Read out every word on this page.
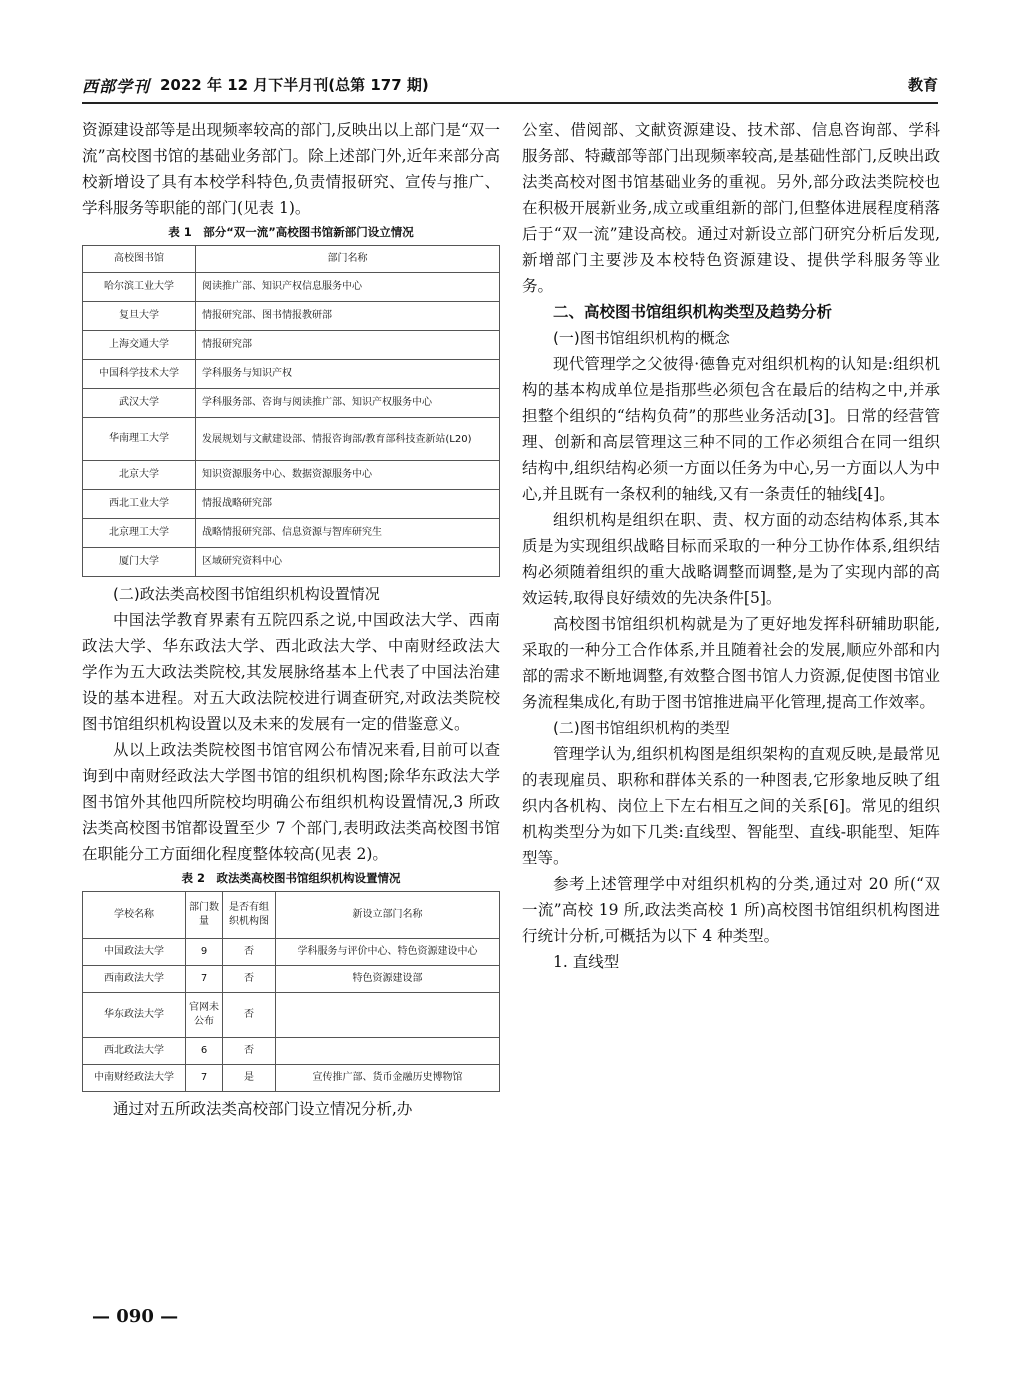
西部学刊 2022 年 12 月下半月刊(总第 177 期)	教育

资源建设部等是出现频率较高的部门,反映出以上部门是“双一流”高校图书馆的基础业务部门。除上述部门外,近年来部分高校新增设了具有本校学科特色,负责情报研究、宣传与推广、学科服务等职能的部门(见表 1)。

表 1　部分“双一流”高校图书馆新部门设立情况
高校图书馆	部门名称
哈尔滨工业大学	阅读推广部、知识产权信息服务中心
复旦大学	情报研究部、图书情报教研部
上海交通大学	情报研究部
中国科学技术大学	学科服务与知识产权
武汉大学	学科服务部、咨询与阅读推广部、知识产权服务中心
华南理工大学	发展规划与文献建设部、情报咨询部/教育部科技查新站(L20)
北京大学	知识资源服务中心、数据资源服务中心
西北工业大学	情报战略研究部
北京理工大学	战略情报研究部、信息资源与智库研究生
厦门大学	区域研究资料中心

(二)政法类高校图书馆组织机构设置情况

中国法学教育界素有五院四系之说,中国政法大学、西南政法大学、华东政法大学、西北政法大学、中南财经政法大学作为五大政法类院校,其发展脉络基本上代表了中国法治建设的基本进程。对五大政法院校进行调查研究,对政法类院校图书馆组织机构设置以及未来的发展有一定的借鉴意义。

从以上政法类院校图书馆官网公布情况来看,目前可以查询到中南财经政法大学图书馆的组织机构图;除华东政法大学图书馆外其他四所院校均明确公布组织机构设置情况,3 所政法类高校图书馆都设置至少 7 个部门,表明政法类高校图书馆在职能分工方面细化程度整体较高(见表 2)。

表 2　政法类高校图书馆组织机构设置情况
学校名称	部门数量	是否有组织机构图	新设立部门名称
中国政法大学	9	否	学科服务与评价中心、特色资源建设中心
西南政法大学	7	否	特色资源建设部
华东政法大学	官网未公布	否	
西北政法大学	6	否	
中南财经政法大学	7	是	宣传推广部、货币金融历史博物馆

通过对五所政法类高校部门设立情况分析,办

公室、借阅部、文献资源建设、技术部、信息咨询部、学科服务部、特藏部等部门出现频率较高,是基础性部门,反映出政法类高校对图书馆基础业务的重视。另外,部分政法类院校也在积极开展新业务,成立或重组新的部门,但整体进展程度稍落后于“双一流”建设高校。通过对新设立部门研究分析后发现,新增部门主要涉及本校特色资源建设、提供学科服务等业务。

二、高校图书馆组织机构类型及趋势分析

(一)图书馆组织机构的概念

现代管理学之父彼得·德鲁克对组织机构的认知是:组织机构的基本构成单位是指那些必须包含在最后的结构之中,并承担整个组织的“结构负荷”的那些业务活动[3]。日常的经营管理、创新和高层管理这三种不同的工作必须组合在同一组织结构中,组织结构必须一方面以任务为中心,另一方面以人为中心,并且既有一条权利的轴线,又有一条责任的轴线[4]。

组织机构是组织在职、责、权方面的动态结构体系,其本质是为实现组织战略目标而采取的一种分工协作体系,组织结构必须随着组织的重大战略调整而调整,是为了实现内部的高效运转,取得良好绩效的先决条件[5]。

高校图书馆组织机构就是为了更好地发挥科研辅助职能,采取的一种分工合作体系,并且随着社会的发展,顺应外部和内部的需求不断地调整,有效整合图书馆人力资源,促使图书馆业务流程集成化,有助于图书馆推进扁平化管理,提高工作效率。

(二)图书馆组织机构的类型

管理学认为,组织机构图是组织架构的直观反映,是最常见的表现雇员、职称和群体关系的一种图表,它形象地反映了组织内各机构、岗位上下左右相互之间的关系[6]。常见的组织机构类型分为如下几类:直线型、智能型、直线-职能型、矩阵型等。

参考上述管理学中对组织机构的分类,通过对 20 所(“双一流”高校 19 所,政法类高校 1 所)高校图书馆组织机构图进行统计分析,可概括为以下 4 种类型。

1. 直线型

— 090 —
